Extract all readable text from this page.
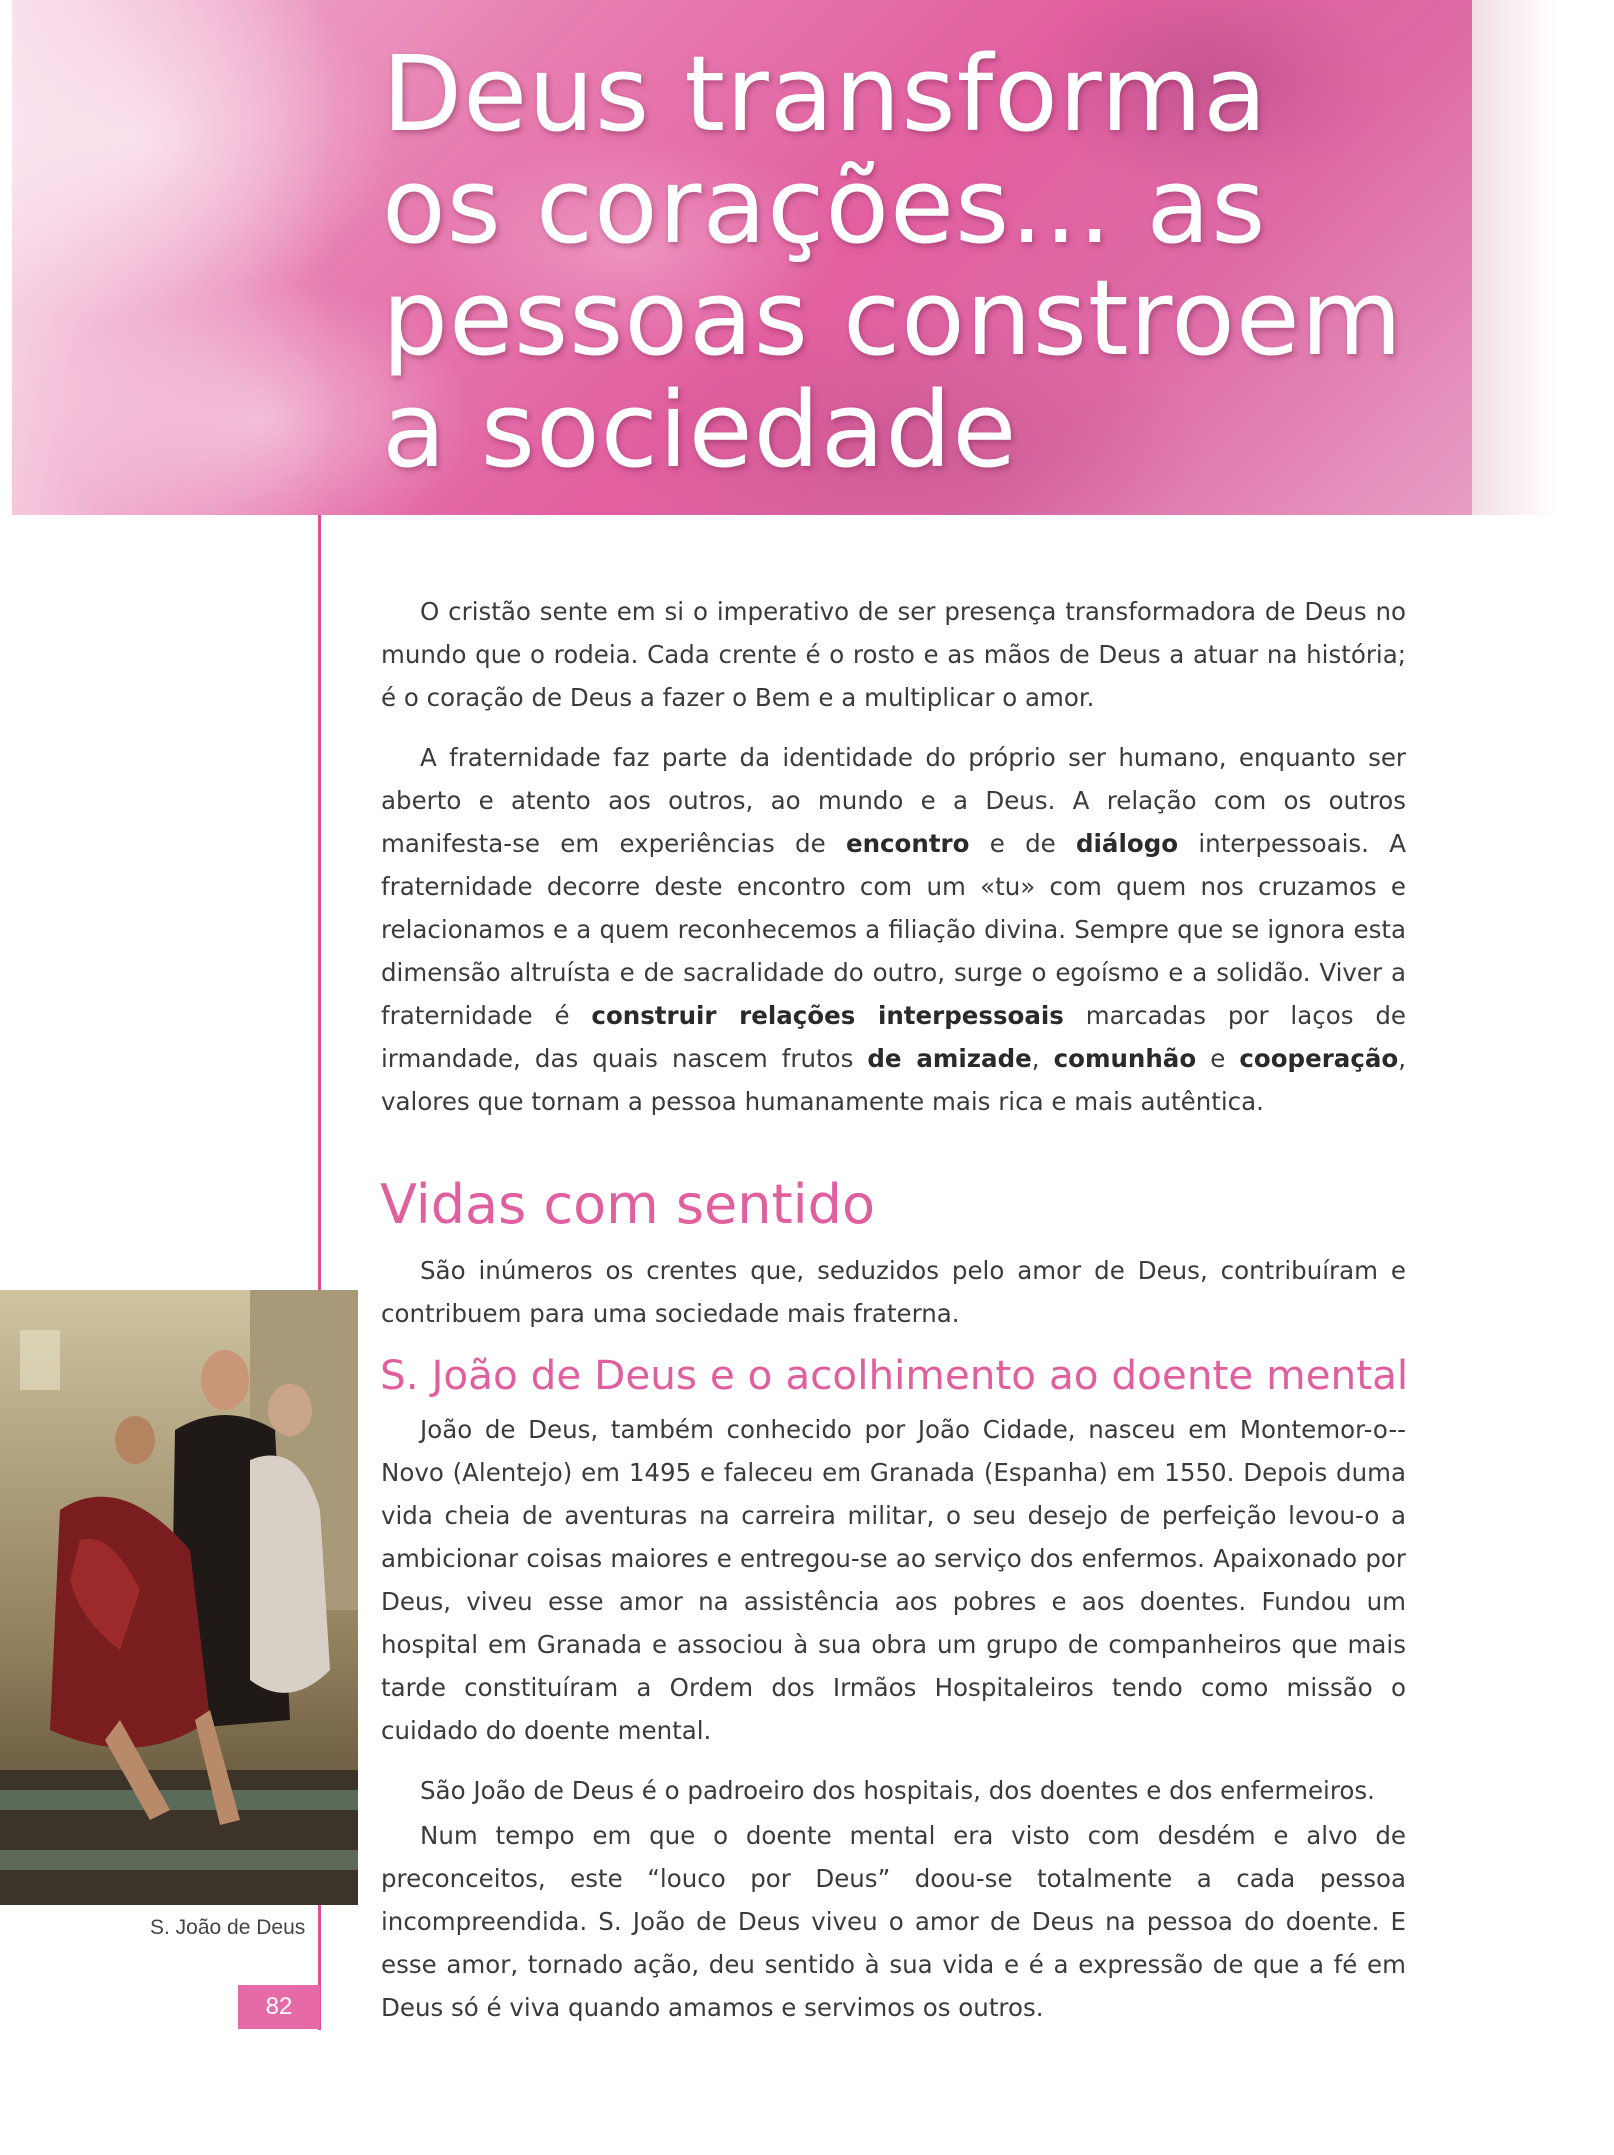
Deus transforma
os corações... as
pessoas constroem
a sociedade
S. João de Deus
82

O cristão sente em si o imperativo de ser presença transformadora de Deus no mundo que o rodeia. Cada crente é o rosto e as mãos de Deus a atuar na história; é o coração de Deus a fazer o Bem e a multiplicar o amor.

A fraternidade faz parte da identidade do próprio ser humano, enquanto ser aberto e atento aos outros, ao mundo e a Deus. A relação com os outros manifesta-se em experiências de encontro e de diálogo interpessoais. A fraternidade decorre deste encontro com um «tu» com quem nos cruzamos e relacionamos e a quem reconhecemos a filiação divina. Sempre que se ignora esta dimensão altruísta e de sacralidade do outro, surge o egoísmo e a solidão. Viver a fraternidade é construir relações interpessoais marcadas por laços de irmandade, das quais nascem frutos de amizade, comunhão e cooperação, valores que tornam a pessoa humanamente mais rica e mais autêntica.

Vidas com sentido

São inúmeros os crentes que, seduzidos pelo amor de Deus, contribuíram e contribuem para uma sociedade mais fraterna.

S. João de Deus e o acolhimento ao doente mental

João de Deus, também conhecido por João Cidade, nasceu em Montemor-o--Novo (Alentejo) em 1495 e faleceu em Granada (Espanha) em 1550. Depois duma vida cheia de aventuras na carreira militar, o seu desejo de perfeição levou-o a ambicionar coisas maiores e entregou-se ao serviço dos enfermos. Apaixonado por Deus, viveu esse amor na assistência aos pobres e aos doentes. Fundou um hospital em Granada e associou à sua obra um grupo de companheiros que mais tarde constituíram a Ordem dos Irmãos Hospitaleiros tendo como missão o cuidado do doente mental.

São João de Deus é o padroeiro dos hospitais, dos doentes e dos enfermeiros.

Num tempo em que o doente mental era visto com desdém e alvo de preconceitos, este “louco por Deus” doou-se totalmente a cada pessoa incompreendida. S. João de Deus viveu o amor de Deus na pessoa do doente. E esse amor, tornado ação, deu sentido à sua vida e é a expressão de que a fé em Deus só é viva quando amamos e servimos os outros.
